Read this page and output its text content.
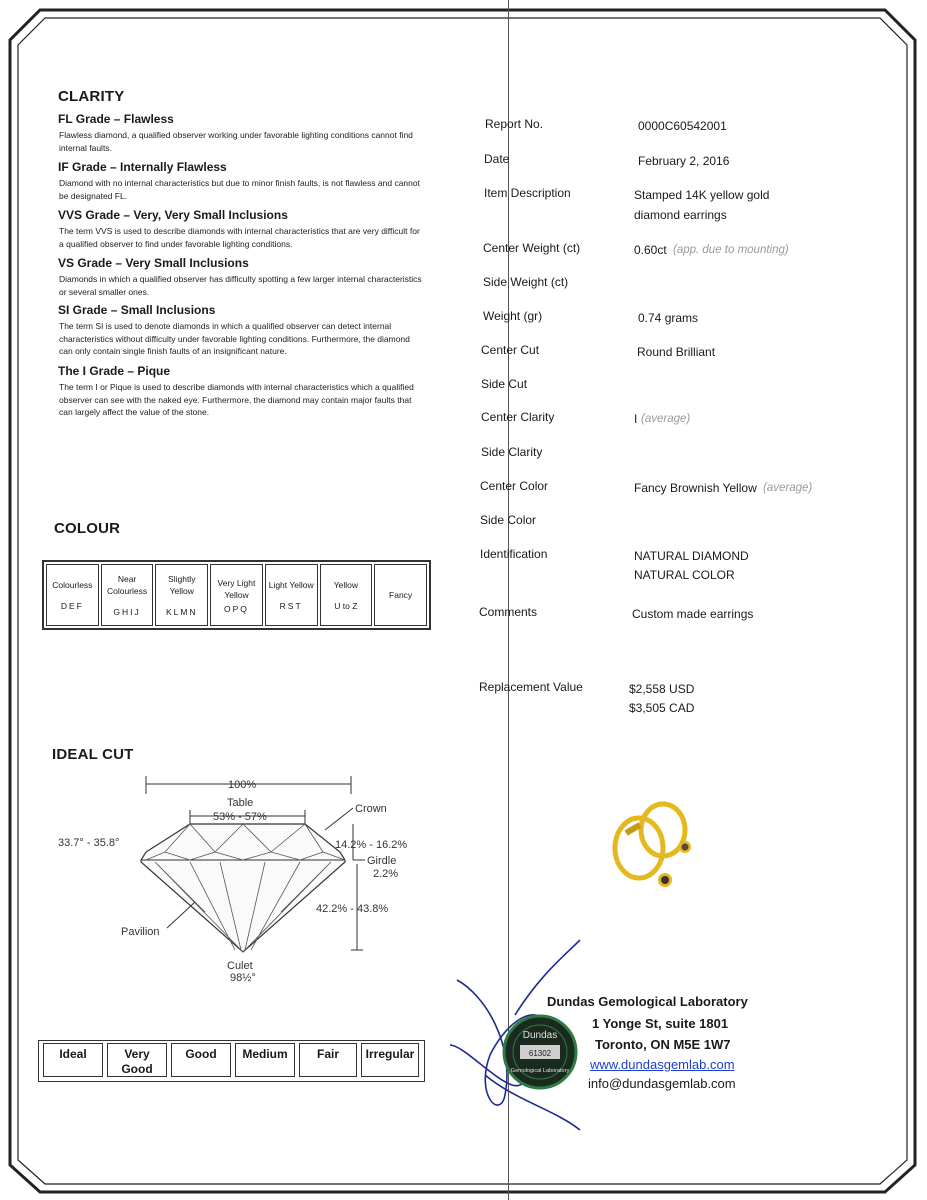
CLARITY
FL Grade – Flawless
Flawless diamond, a qualified observer working under favorable lighting conditions cannot find internal faults.
IF Grade – Internally Flawless
Diamond with no internal characteristics but due to minor finish faults, is not flawless and cannot be designated FL.
VVS Grade – Very, Very Small Inclusions
The term VVS is used to describe diamonds with internal characteristics that are very difficult for a qualified observer to find under favorable lighting conditions.
VS Grade – Very Small Inclusions
Diamonds in which a qualified observer has difficulty spotting a few larger internal characteristics or several smaller ones.
SI Grade – Small Inclusions
The term SI is used to denote diamonds in which a qualified observer can detect internal characteristics without difficulty under favorable lighting conditions. Furthermore, the diamond can only contain single finish faults of an insignificant nature.
The I Grade – Pique
The term I or Pique is used to describe diamonds with internal characteristics which a qualified observer can see with the naked eye. Furthermore, the diamond may contain major faults that can largely affect the value of the stone.
COLOUR
Colourless
DEF

Near Colourless
GHIJ

Slightly Yellow
KLMN

Very Light Yellow
OPQ

Light Yellow
RST

Yellow
U to Z

Fancy
IDEAL CUT
100%
Table
53% - 57%
Crown
33.7° - 35.8°	14.2% - 16.2%
Girdle
2.2%
42.2% - 43.8%
Pavilion
Culet
98½°
Ideal	Very Good
Good	Medium	Fair	Irregular
Report No.	0000C60542001
Date	February 2, 2016
Item Description	Stamped 14K yellow gold
diamond earrings
Center Weight (ct)	0.60ct (app. due to mounting)
Side Weight (ct)
Weight (gr)	0.74 grams
Center Cut	Round Brilliant
Side Cut
Center Clarity	I (average)
Side Clarity
Center Color	Fancy Brownish Yellow (average)
Side Color
Identification	NATURAL DIAMOND
NATURAL COLOR
Comments	Custom made earrings
Replacement Value	$2,558 USD
$3,505 CAD
Dundas
61302
Gemological Laboratory
Dundas Gemological Laboratory
1 Yonge St, suite 1801
Toronto, ON M5E 1W7
www.dundasgemlab.com
info@dundasgemlab.com
